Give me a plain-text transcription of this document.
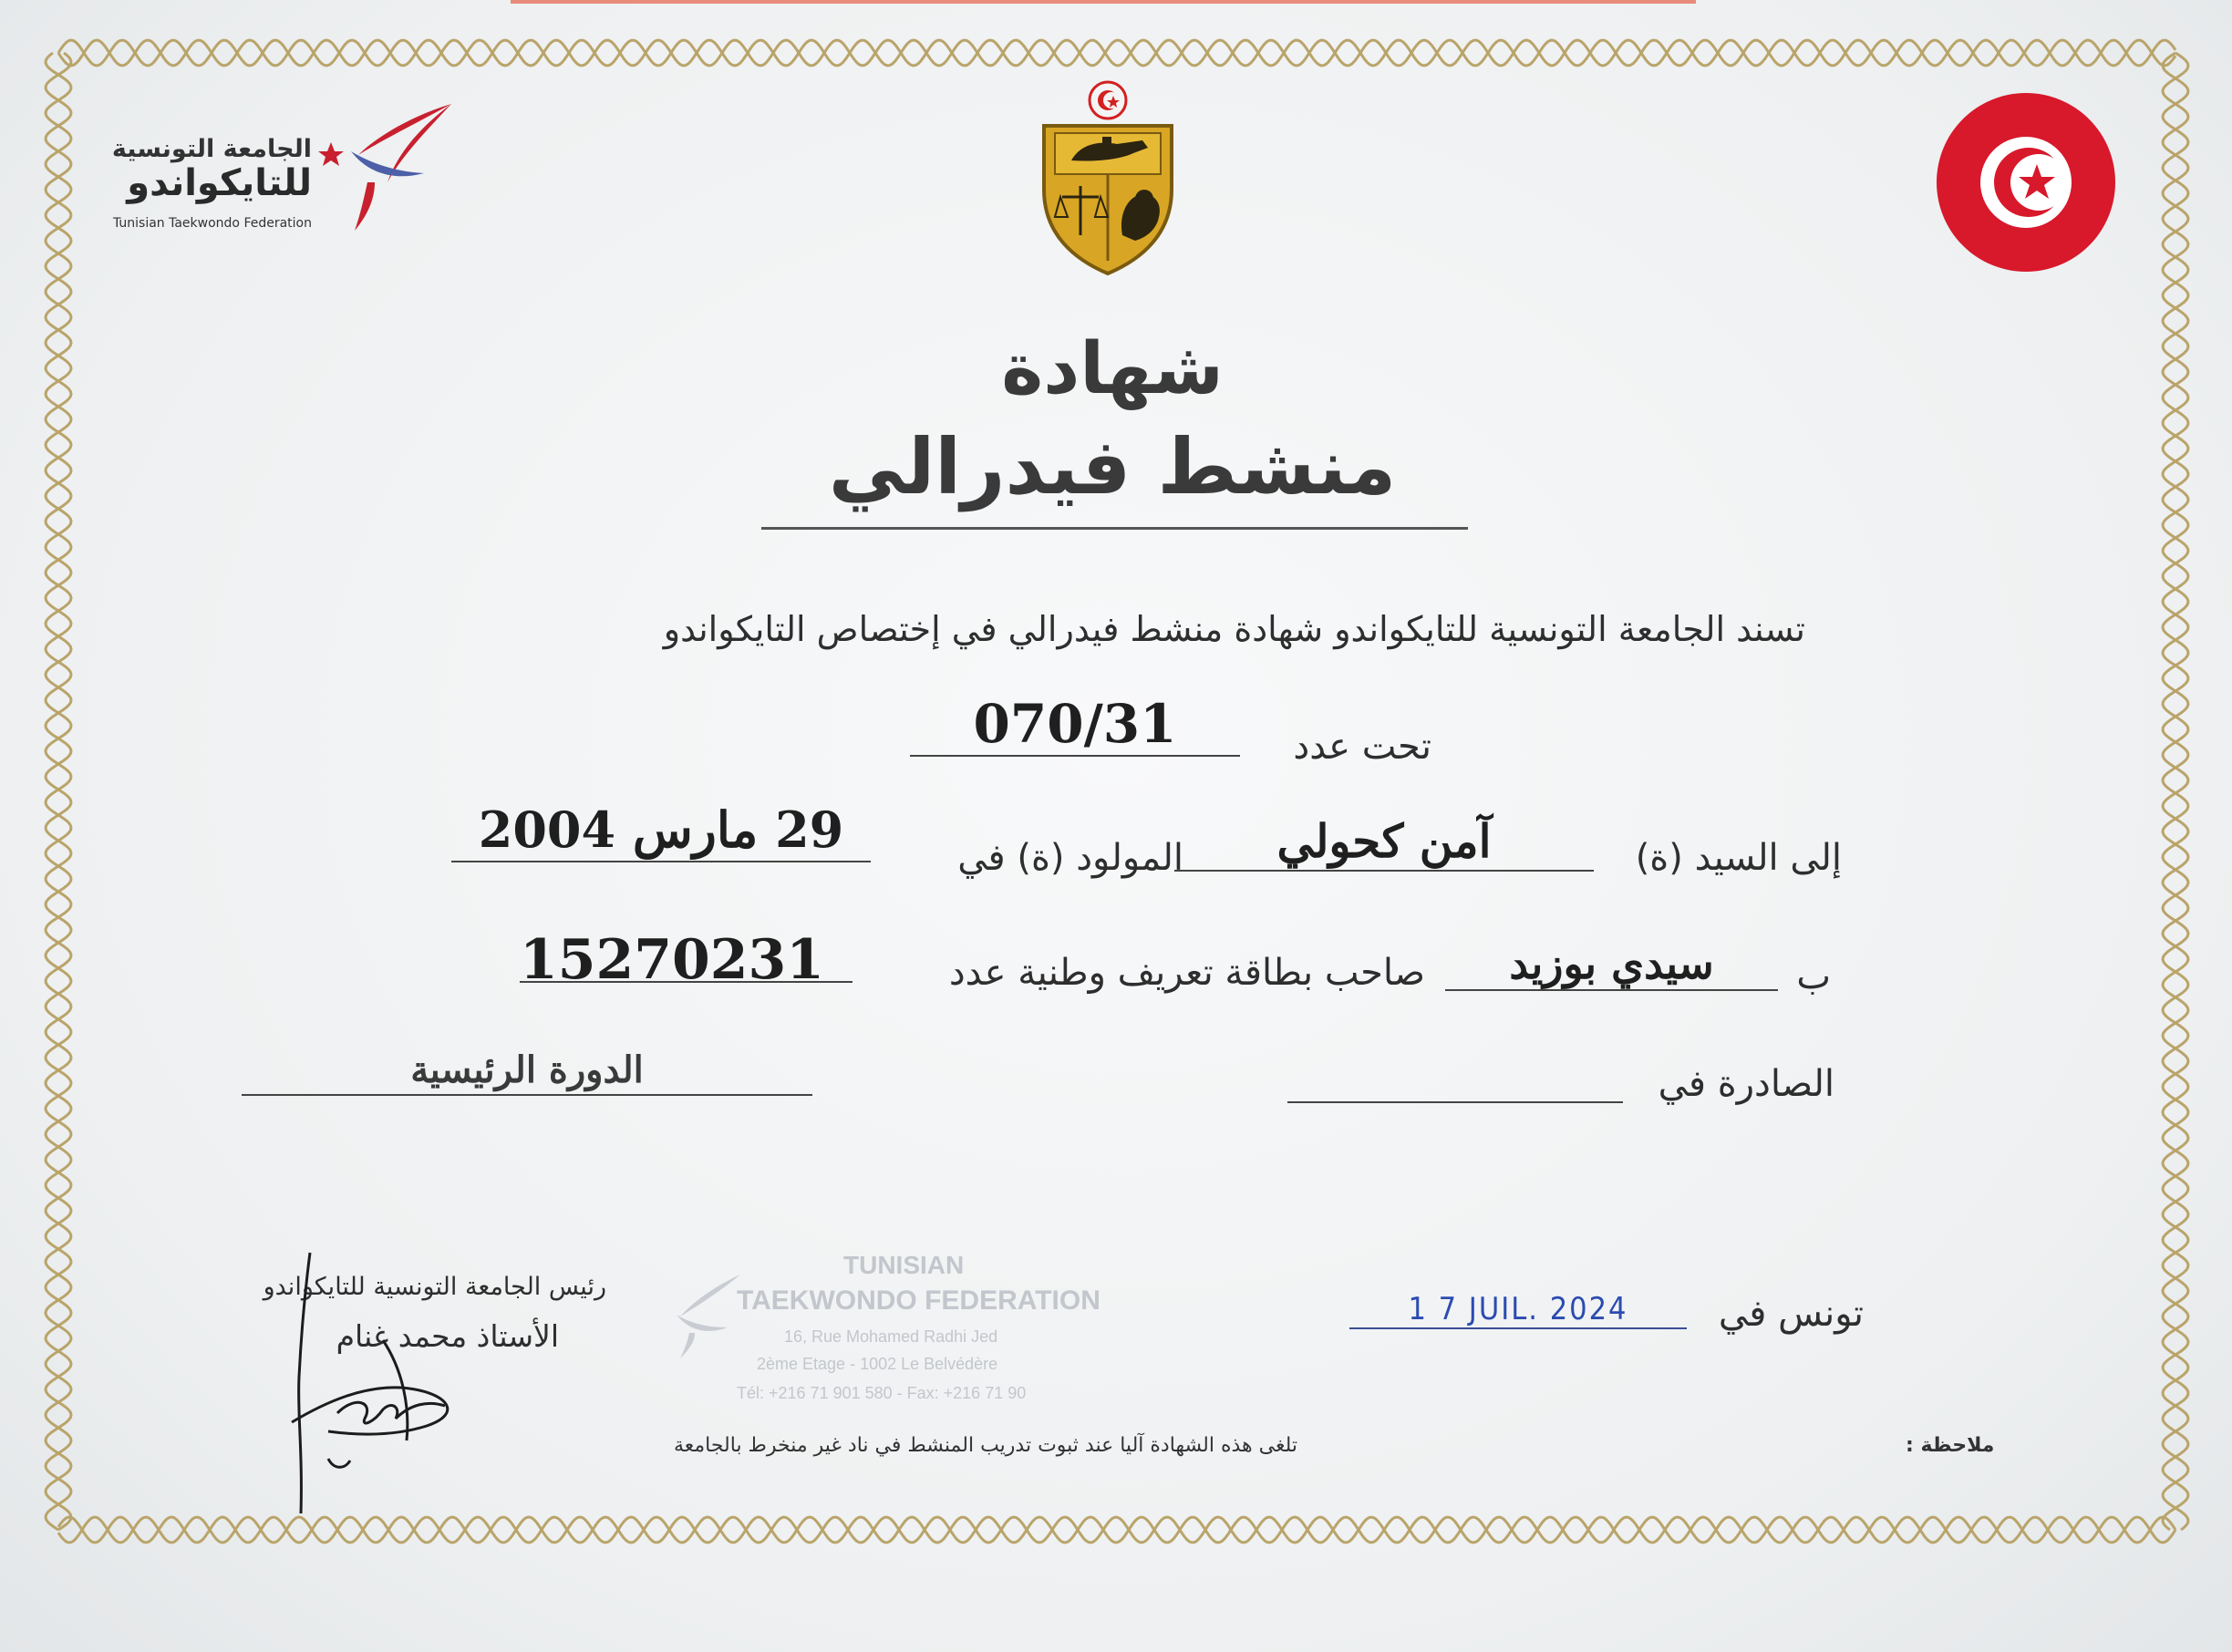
الجامعة التونسية
للتايكواندو
Tunisian Taekwondo Federation
شهادة
منشط فيدرالي
تسند الجامعة التونسية للتايكواندو شهادة منشط فيدرالي في إختصاص التايكواندو
تحت عدد
070/31
إلى السيد (ة)
آمن كحولي
المولود (ة) في
29 مارس 2004
ب
سيدي بوزيد
صاحب بطاقة تعريف وطنية عدد
15270231
الصادرة في
الدورة الرئيسية
تونس في
1 7 JUIL. 2024
TUNISIAN
TAEKWONDO FEDERATION
16, Rue Mohamed Radhi Jed
2ème Etage - 1002 Le Belvédère
Tél: +216 71 901 580 - Fax: +216 71 90
رئيس الجامعة التونسية للتايكواندو
الأستاذ محمد غنام
تلغى هذه الشهادة آليا عند ثبوت تدريب المنشط في ناد غير منخرط بالجامعة	ملاحظة :
